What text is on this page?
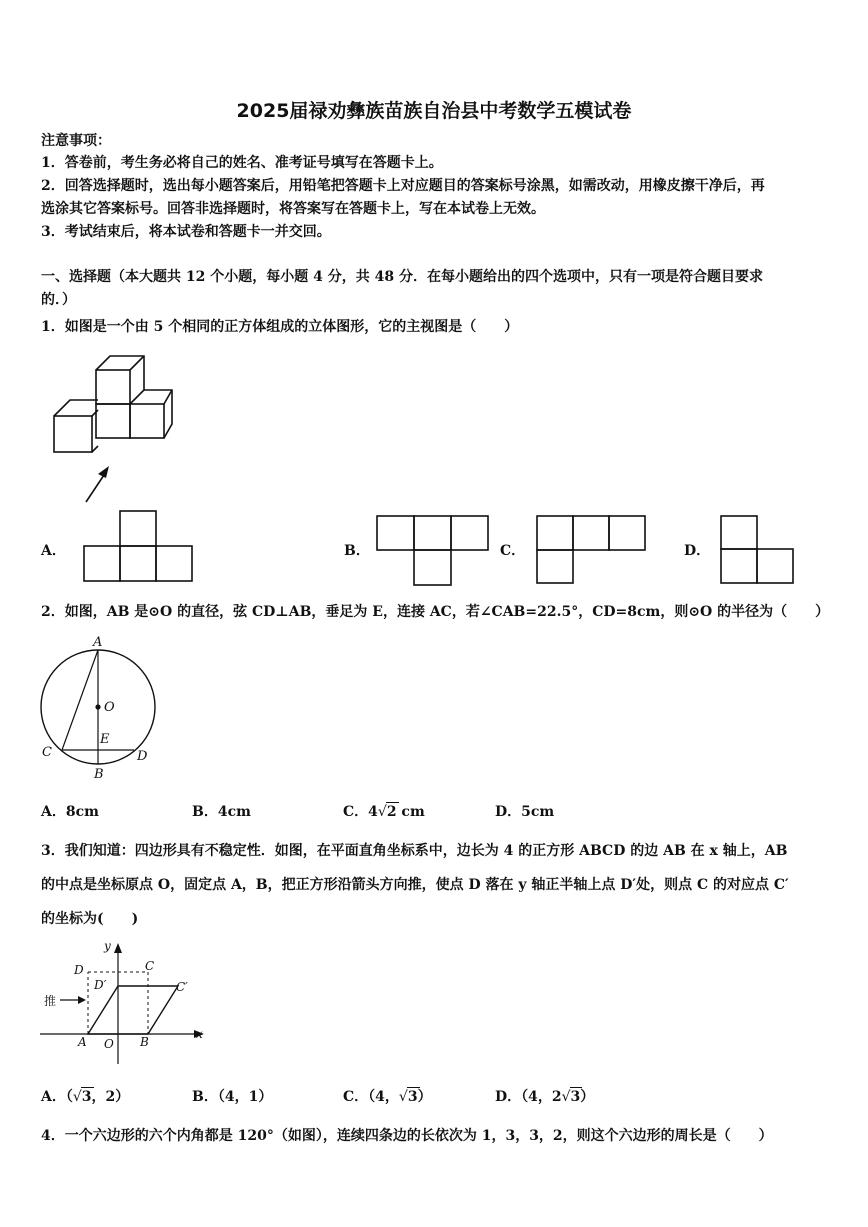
2025届禄劝彝族苗族自治县中考数学五模试卷
注意事项：
1．答卷前，考生务必将自己的姓名、准考证号填写在答题卡上。
2．回答选择题时，选出每小题答案后，用铅笔把答题卡上对应题目的答案标号涂黑，如需改动，用橡皮擦干净后，再
选涂其它答案标号。回答非选择题时，将答案写在答题卡上，写在本试卷上无效。
3．考试结束后，将本试卷和答题卡一并交回。
一、选择题（本大题共 12 个小题，每小题 4 分，共 48 分．在每小题给出的四个选项中，只有一项是符合题目要求
的．）
1．如图是一个由 5 个相同的正方体组成的立体图形，它的主视图是（　　）
A．	B．	C．	D．
2．如图，AB 是⊙O 的直径，弦 CD⊥AB，垂足为 E，连接 AC，若∠CAB=22.5°，CD=8cm，则⊙O 的半径为（　　）
A
O
E
C	D
B
A．8cm	B．4cm	C．4√
2 cm	D．5cm
3．我们知道：四边形具有不稳定性．如图，在平面直角坐标系中，边长为 4 的正方形 ABCD 的边 AB 在 x 轴上，AB
的中点是坐标原点 O，固定点 A，B，把正方形沿箭头方向推，使点 D 落在 y 轴正半轴上点 D′处，则点 C 的对应点 C′
的坐标为(　　)
推
y
x
D	C
D′	C′
A O B
A．（√
3，2）	B．（4，1）	C．（4，√
3）	D．（4，2√
3）
4．一个六边形的六个内角都是 120°（如图），连续四条边的长依次为 1，3，3，2，则这个六边形的周长是（　　）
